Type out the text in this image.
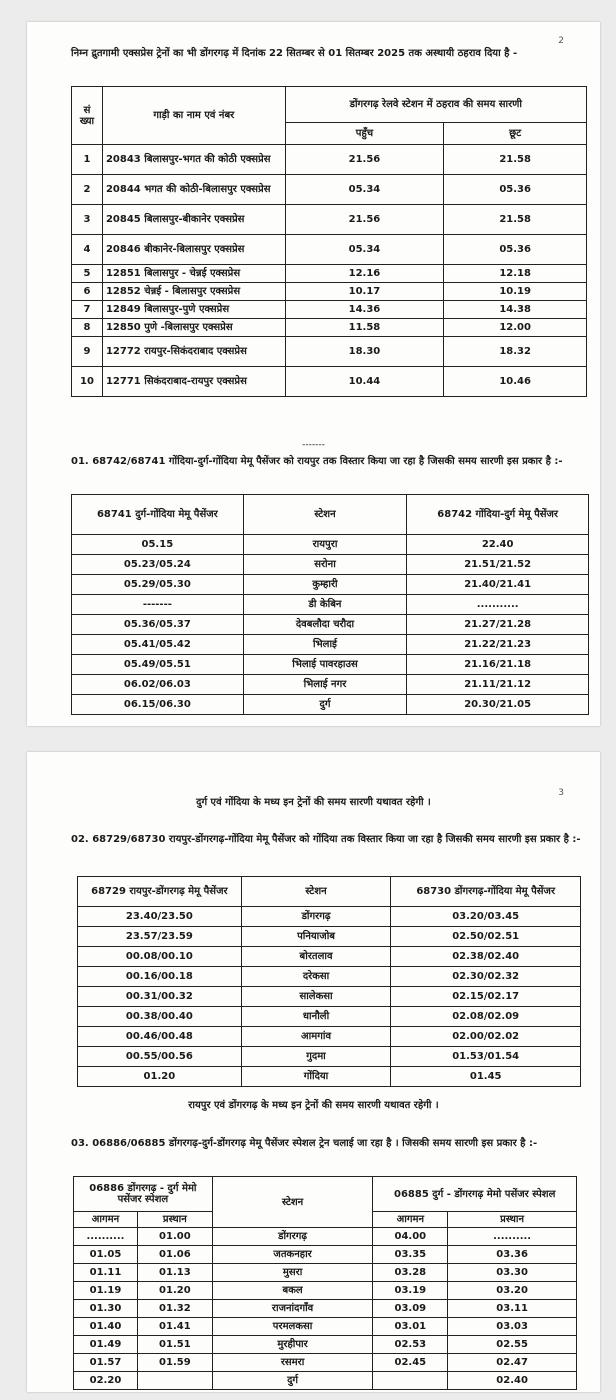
2
निम्न द्रुतगामी एक्सप्रेस ट्रेनों का भी डोंगरगढ़ में दिनांक 22 सितम्बर से 01 सितम्बर 2025 तक अस्थायी ठहराव दिया है -
सं ख्या	गाड़ी का नाम एवं नंबर	डोंगरगढ़ रेलवे स्टेशन में ठहराव की समय सारणी	
		पहुँच	छूट
1	20843 बिलासपुर-भगत की कोठी एक्सप्रेस	21.56	21.58
2	20844 भगत की कोठी-बिलासपुर एक्सप्रेस	05.34	05.36
3	20845 बिलासपुर-बीकानेर एक्सप्रेस	21.56	21.58
4	20846 बीकानेर-बिलासपुर एक्सप्रेस	05.34	05.36
5	12851 बिलासपुर - चेन्नई एक्सप्रेस	12.16	12.18
6	12852 चेन्नई - बिलासपुर एक्सप्रेस	10.17	10.19
7	12849 बिलासपुर-पुणे एक्सप्रेस	14.36	14.38
8	12850 पुणे -बिलासपुर एक्सप्रेस	11.58	12.00
9	12772 रायपुर-सिकंदराबाद एक्सप्रेस	18.30	18.32
10	12771 सिकंदराबाद-रायपुर एक्सप्रेस	10.44	10.46
-------
01. 68742/68741 गोंदिया-दुर्ग-गोंदिया मेमू पैसेंजर को रायपुर तक विस्तार किया जा रहा है जिसकी समय सारणी इस प्रकार है :-
68741 दुर्ग-गोंदिया मेमू पैसेंजर	स्टेशन	68742 गोंदिया-दुर्ग मेमू पैसेंजर
05.15	रायपुरा	22.40
05.23/05.24	सरोना	21.51/21.52
05.29/05.30	कुम्हारी	21.40/21.41
-------	डी केबिन	...........
05.36/05.37	देवबलौदा चरौदा	21.27/21.28
05.41/05.42	भिलाई	21.22/21.23
05.49/05.51	भिलाई पावरहाउस	21.16/21.18
06.02/06.03	भिलाई नगर	21.11/21.12
06.15/06.30	दुर्ग	20.30/21.05
3
दुर्ग एवं गोंदिया के मध्य इन ट्रेनों की समय सारणी यथावत रहेगी ।
02. 68729/68730 रायपुर-डोंगरगढ़-गोंदिया मेमू पैसेंजर को गोंदिया तक विस्तार किया जा रहा है जिसकी समय सारणी इस प्रकार है :-
68729 रायपुर-डोंगरगढ़ मेमू पैसेंजर	स्टेशन	68730 डोंगरगढ़-गोंदिया मेमू पैसेंजर
23.40/23.50	डोंगरगढ़	03.20/03.45
23.57/23.59	पनियाजोब	02.50/02.51
00.08/00.10	बोरतलाव	02.38/02.40
00.16/00.18	दरेकसा	02.30/02.32
00.31/00.32	सालेकसा	02.15/02.17
00.38/00.40	धानौली	02.08/02.09
00.46/00.48	आमगांव	02.00/02.02
00.55/00.56	गुदमा	01.53/01.54
01.20	गोंदिया	01.45
रायपुर एवं डोंगरगढ़ के मध्य इन ट्रेनों की समय सारणी यथावत रहेगी ।
03. 06886/06885 डोंगरगढ़-दुर्ग-डोंगरगढ़ मेमू पैसेंजर स्पेशल ट्रेन चलाई जा रहा है । जिसकी समय सारणी इस प्रकार है :-
06886 डोंगरगढ़ - दुर्ग मेमो पसेंजर स्पेशल		स्टेशन	06885 दुर्ग - डोंगरगढ़ मेमो पसेंजर स्पेशल	
आगमन	प्रस्थान		आगमन	प्रस्थान
..........	01.00	डोंगरगढ़	04.00	..........
01.05	01.06	जतकनहार	03.35	03.36
01.11	01.13	मुसरा	03.28	03.30
01.19	01.20	बकल	03.19	03.20
01.30	01.32	राजनांदगाँव	03.09	03.11
01.40	01.41	परमलकसा	03.01	03.03
01.49	01.51	मुरहीपार	02.53	02.55
01.57	01.59	रसमरा	02.45	02.47
02.20		दुर्ग		02.40
